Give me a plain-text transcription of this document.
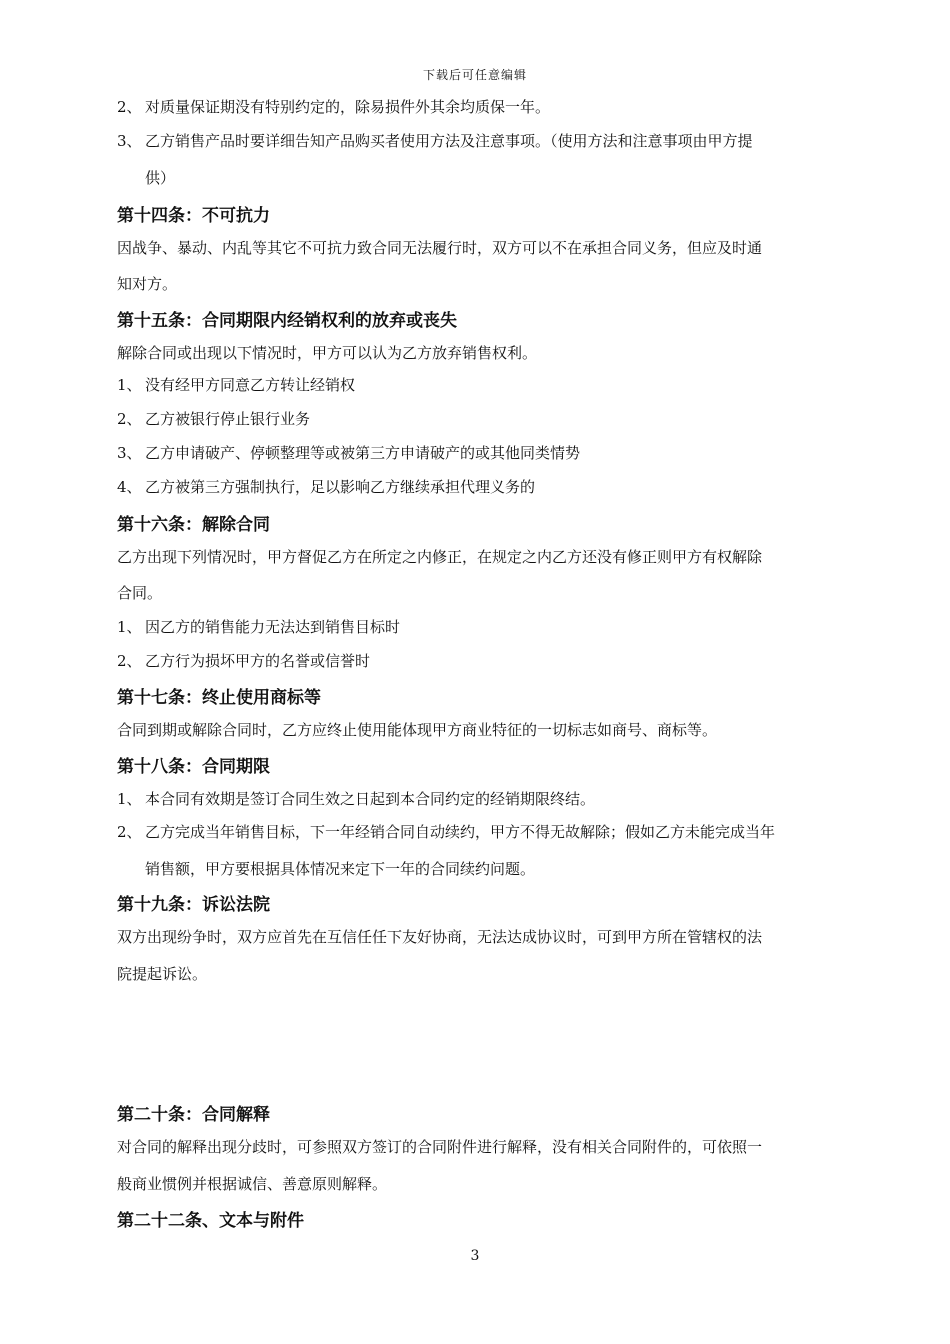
下载后可任意编辑
2、 对质量保证期没有特别约定的，除易损件外其余均质保一年。
3、 乙方销售产品时要详细告知产品购买者使用方法及注意事项。（使用方法和注意事项由甲方提
供）
第十四条：不可抗力
因战争、暴动、内乱等其它不可抗力致合同无法履行时，双方可以不在承担合同义务，但应及时通
知对方。
第十五条：合同期限内经销权利的放弃或丧失
解除合同或出现以下情况时，甲方可以认为乙方放弃销售权利。
1、 没有经甲方同意乙方转让经销权
2、 乙方被银行停止银行业务
3、 乙方申请破产、停顿整理等或被第三方申请破产的或其他同类情势
4、 乙方被第三方强制执行，足以影响乙方继续承担代理义务的
第十六条：解除合同
乙方出现下列情况时，甲方督促乙方在所定之内修正，在规定之内乙方还没有修正则甲方有权解除
合同。
1、 因乙方的销售能力无法达到销售目标时
2、 乙方行为损坏甲方的名誉或信誉时
第十七条：终止使用商标等
合同到期或解除合同时，乙方应终止使用能体现甲方商业特征的一切标志如商号、商标等。
第十八条：合同期限
1、 本合同有效期是签订合同生效之日起到本合同约定的经销期限终结。
2、 乙方完成当年销售目标，下一年经销合同自动续约，甲方不得无故解除；假如乙方未能完成当年
销售额，甲方要根据具体情况来定下一年的合同续约问题。
第十九条：诉讼法院
双方出现纷争时，双方应首先在互信任任下友好协商，无法达成协议时，可到甲方所在管辖权的法
院提起诉讼。
第二十条：合同解释
对合同的解释出现分歧时，可参照双方签订的合同附件进行解释，没有相关合同附件的，可依照一
般商业惯例并根据诚信、善意原则解释。
第二十二条、文本与附件
3
